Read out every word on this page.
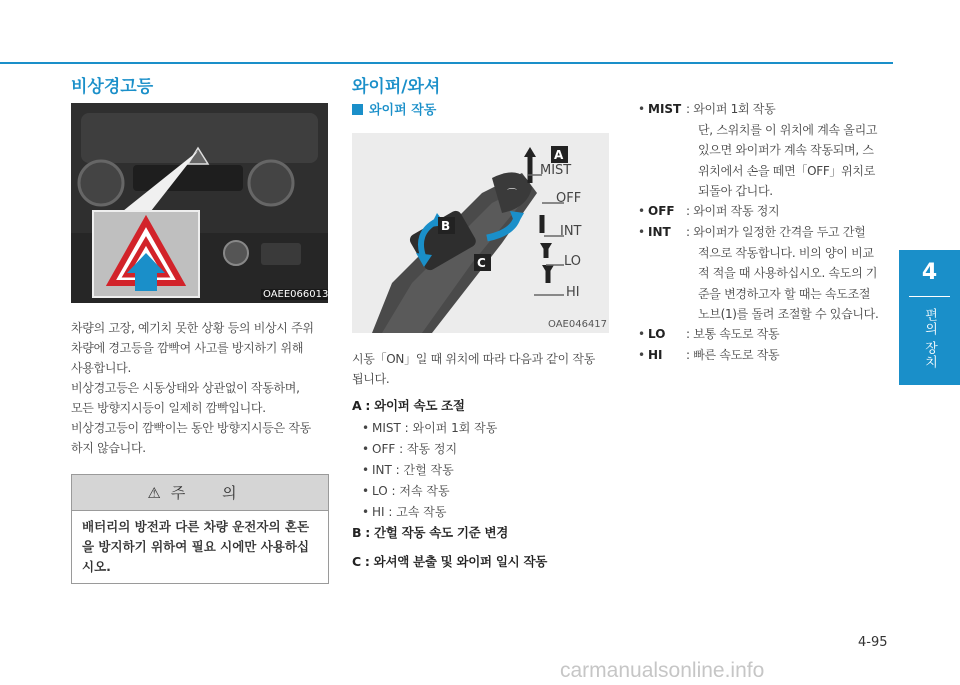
4
편의 장치
비상경고등
OAEE066013
차량의 고장, 예기치 못한 상황 등의 비상시 주위
차량에 경고등을 깜빡여 사고를 방지하기 위해
사용합니다.
비상경고등은 시동상태와 상관없이 작동하며,
모든 방향지시등이 일제히 깜빡입니다.
비상경고등이 깜빡이는 동안 방향지시등은 작동
하지 않습니다.
⚠ 주 의
배터리의 방전과 다른 차량 운전자의 혼돈
을 방지하기 위하여 필요 시에만 사용하십
시오.
와이퍼/와셔
와이퍼 작동
⌒
A
B
C
MIST
OFF
INT
LO
HI
OAE046417
시동「ON」일 때 위치에 따라 다음과 같이 작동
됩니다.
A : 와이퍼 속도 조절
• MIST : 와이퍼 1회 작동
• OFF : 작동 정지
• INT : 간헐 작동
• LO : 저속 작동
• HI : 고속 작동
B : 간헐 작동 속도 기준 변경
C : 와셔액 분출 및 와이퍼 일시 작동
• MIST : 와이퍼 1회 작동
단, 스위치를 이 위치에 계속 올리고
있으면 와이퍼가 계속 작동되며, 스
위치에서 손을 떼면「OFF」위치로
되돌아 갑니다.
• OFF : 와이퍼 작동 정지
• INT : 와이퍼가 일정한 간격을 두고 간헐
적으로 작동합니다. 비의 양이 비교
적 적을 때 사용하십시오. 속도의 기
준을 변경하고자 할 때는 속도조절
노브(1)를 돌려 조절할 수 있습니다.
• LO : 보통 속도로 작동
• HI : 빠른 속도로 작동
4-95
carmanualsonline.info
